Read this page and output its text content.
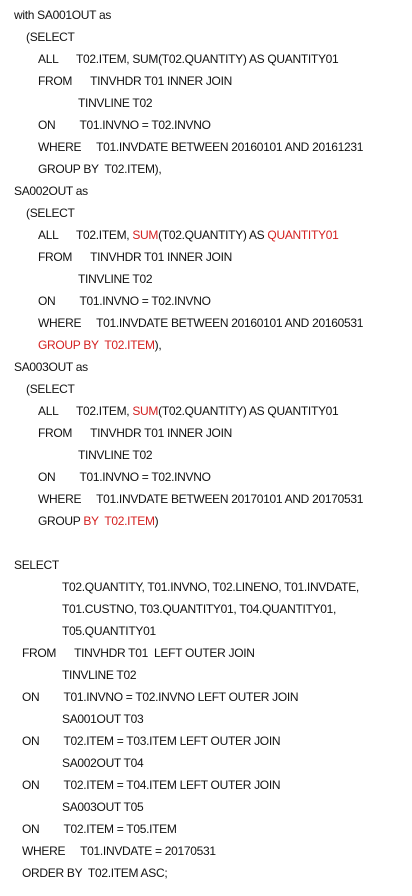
with SA001OUT as
(SELECT
ALL      T02.ITEM, SUM(T02.QUANTITY) AS QUANTITY01
FROM      TINVHDR T01 INNER JOIN
TINVLINE T02
ON        T01.INVNO = T02.INVNO
WHERE     T01.INVDATE BETWEEN 20160101 AND 20161231
GROUP BY  T02.ITEM),
SA002OUT as
(SELECT
ALL      T02.ITEM, SUM(T02.QUANTITY) AS QUANTITY01
FROM      TINVHDR T01 INNER JOIN
TINVLINE T02
ON        T01.INVNO = T02.INVNO
WHERE     T01.INVDATE BETWEEN 20160101 AND 20160531
GROUP BY  T02.ITEM),
SA003OUT as
(SELECT
ALL      T02.ITEM, SUM(T02.QUANTITY) AS QUANTITY01
FROM      TINVHDR T01 INNER JOIN
TINVLINE T02
ON        T01.INVNO = T02.INVNO
WHERE     T01.INVDATE BETWEEN 20170101 AND 20170531
GROUP BY  T02.ITEM)
SELECT
T02.QUANTITY, T01.INVNO, T02.LINENO, T01.INVDATE,
T01.CUSTNO, T03.QUANTITY01, T04.QUANTITY01,
T05.QUANTITY01
FROM      TINVHDR T01  LEFT OUTER JOIN
TINVLINE T02
ON        T01.INVNO = T02.INVNO LEFT OUTER JOIN
SA001OUT T03
ON        T02.ITEM = T03.ITEM LEFT OUTER JOIN
SA002OUT T04
ON        T02.ITEM = T04.ITEM LEFT OUTER JOIN
SA003OUT T05
ON        T02.ITEM = T05.ITEM
WHERE     T01.INVDATE = 20170531
ORDER BY  T02.ITEM ASC;
